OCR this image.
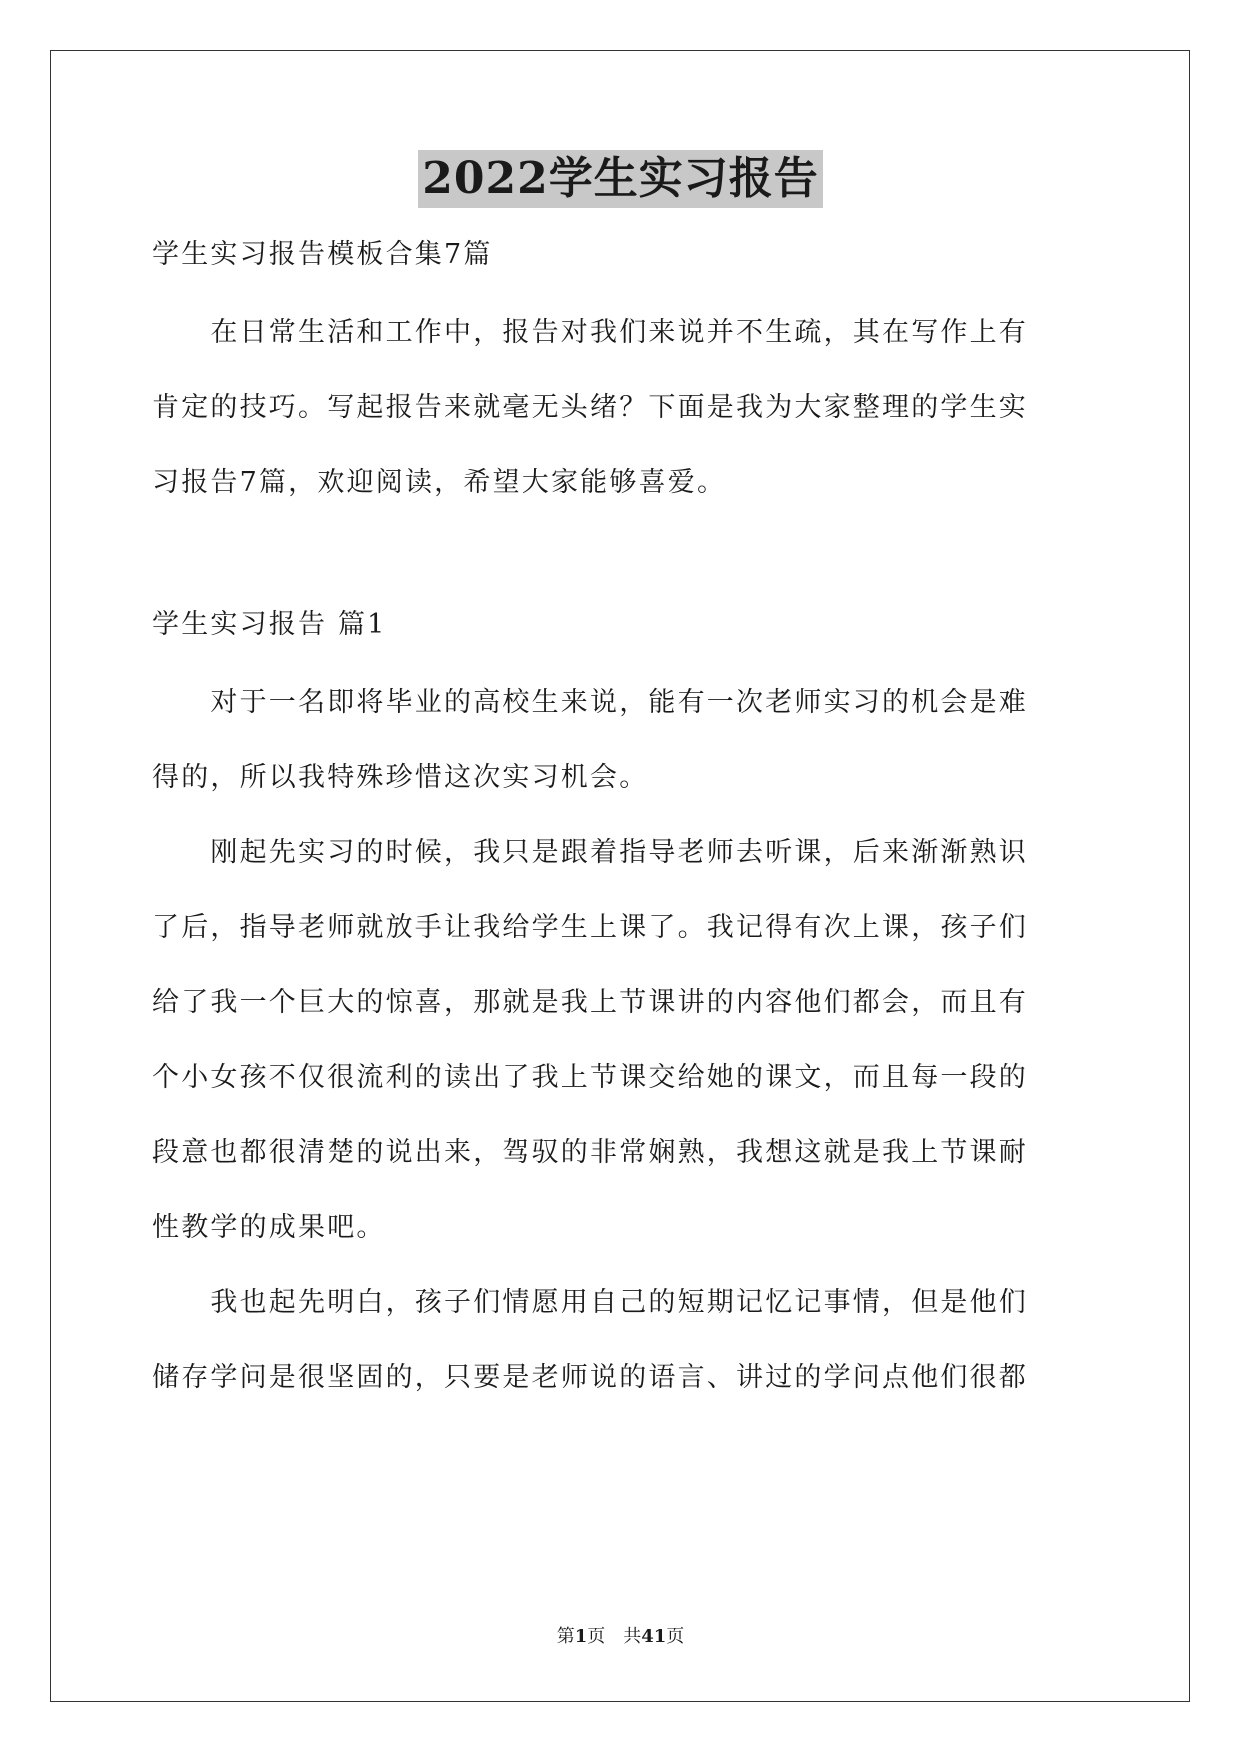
2022学生实习报告
学生实习报告模板合集7篇
　　在日常生活和工作中，报告对我们来说并不生疏，其在写作上有
肯定的技巧。写起报告来就毫无头绪？下面是我为大家整理的学生实
习报告7篇，欢迎阅读，希望大家能够喜爱。
学生实习报告 篇1
　　对于一名即将毕业的高校生来说，能有一次老师实习的机会是难
得的，所以我特殊珍惜这次实习机会。
　　刚起先实习的时候，我只是跟着指导老师去听课，后来渐渐熟识
了后，指导老师就放手让我给学生上课了。我记得有次上课，孩子们
给了我一个巨大的惊喜，那就是我上节课讲的内容他们都会，而且有
个小女孩不仅很流利的读出了我上节课交给她的课文，而且每一段的
段意也都很清楚的说出来，驾驭的非常娴熟，我想这就是我上节课耐
性教学的成果吧。
　　我也起先明白，孩子们情愿用自己的短期记忆记事情，但是他们
储存学问是很坚固的，只要是老师说的语言、讲过的学问点他们很都
第1页　共41页
